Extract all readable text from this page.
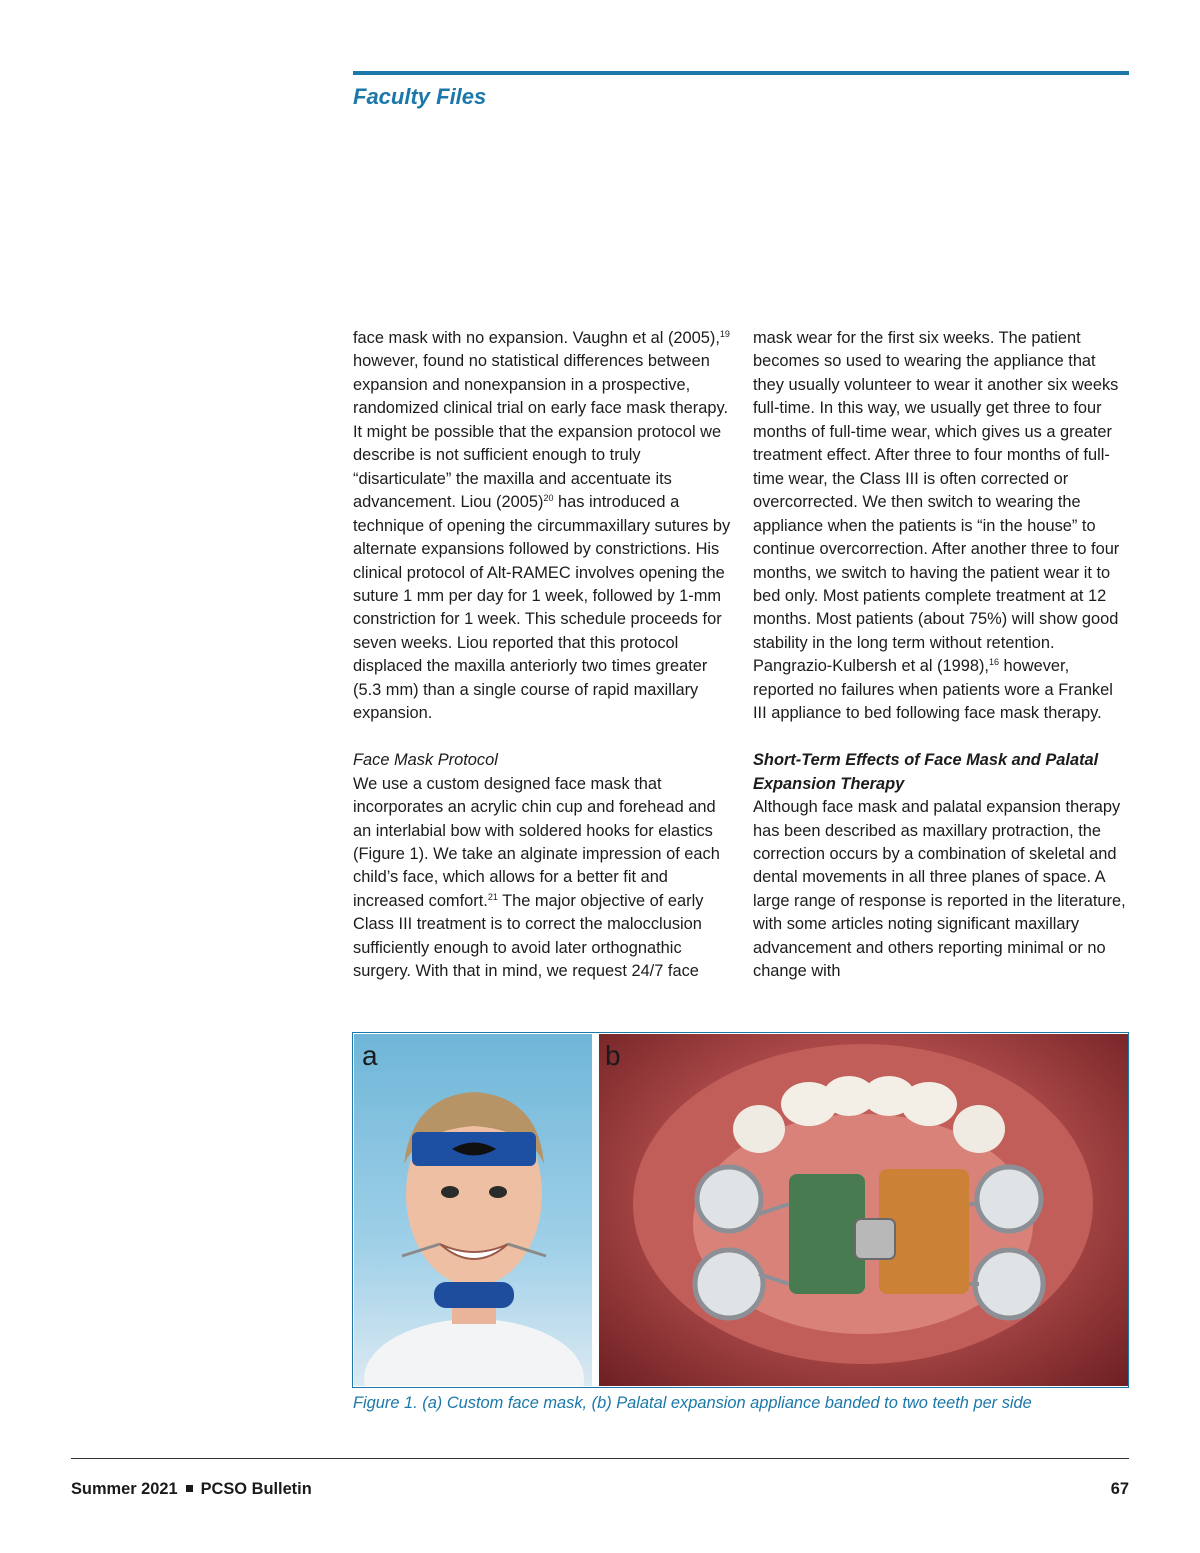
Faculty Files

face mask with no expansion. Vaughn et al (2005),$^{19}$ however, found no statistical differences between expansion and nonexpansion in a prospective, randomized clinical trial on early face mask therapy. It might be possible that the expansion protocol we describe is not sufficient enough to truly “disarticulate” the maxilla and accentuate its advancement. Liou $(2005)^{20}$ has introduced a technique of opening the circummaxillary sutures by alternate expansions followed by constrictions. His clinical protocol of Alt-RAMEC involves opening the suture 1 mm per day for 1 week, followed by 1-mm constriction for 1 week. This schedule proceeds for seven weeks. Liou reported that this protocol displaced the maxilla anteriorly two times greater (5.3 mm) than a single course of rapid maxillary expansion.

Face Mask Protocol

We use a custom designed face mask that incorporates an acrylic chin cup and forehead and an interlabial bow with soldered hooks for elastics (Figure 1). We take an alginate impression of each child’s face, which allows for a better fit and increased comfort.$^{21}$ The major objective of early Class III treatment is to correct the malocclusion sufficiently enough to avoid later orthognathic surgery. With that in mind, we request 24/7 face

mask wear for the first six weeks. The patient becomes so used to wearing the appliance that they usually volunteer to wear it another six weeks full-time. In this way, we usually get three to four months of full-time wear, which gives us a greater treatment effect. After three to four months of full-time wear, the Class III is often corrected or overcorrected. We then switch to wearing the appliance when the patients is “in the house” to continue overcorrection. After another three to four months, we switch to having the patient wear it to bed only. Most patients complete treatment at 12 months. Most patients (about 75%) will show good stability in the long term without retention. Pangrazio-Kulbersh et al (1998),$^{16}$ however, reported no failures when patients wore a Frankel III appliance to bed following face mask therapy.

Short-Term Effects of Face Mask and Palatal Expansion Therapy

Although face mask and palatal expansion therapy has been described as maxillary protraction, the correction occurs by a combination of skeletal and dental movements in all three planes of space. A large range of response is reported in the literature, with some articles noting significant maxillary advancement and others reporting minimal or no change with

a	b

Figure 1. (a) Custom face mask, (b) Palatal expansion appliance banded to two teeth per side

Summer 2021 PCSO Bulletin	67
